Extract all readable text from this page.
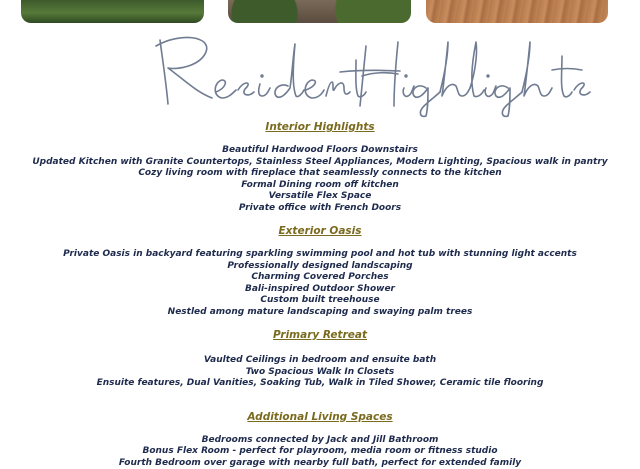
Interior Highlights
Beautiful Hardwood Floors Downstairs
Updated Kitchen with Granite Countertops, Stainless Steel Appliances, Modern Lighting, Spacious walk in pantry
Cozy living room with fireplace that seamlessly connects to the kitchen
Formal Dining room off kitchen
Versatile Flex Space
Private office with French Doors
Exterior Oasis
Private Oasis in backyard featuring sparkling swimming pool and hot tub with stunning light accents
Professionally designed landscaping
Charming Covered Porches
Bali-inspired Outdoor Shower
Custom built treehouse
Nestled among mature landscaping and swaying palm trees
Primary Retreat
Vaulted Ceilings in bedroom and ensuite bath
Two Spacious Walk In Closets
Ensuite features, Dual Vanities, Soaking Tub, Walk in Tiled Shower, Ceramic tile flooring
Additional Living Spaces
Bedrooms connected by Jack and Jill Bathroom
Bonus Flex Room - perfect for playroom, media room or fitness studio
Fourth Bedroom over garage with nearby full bath, perfect for extended family
